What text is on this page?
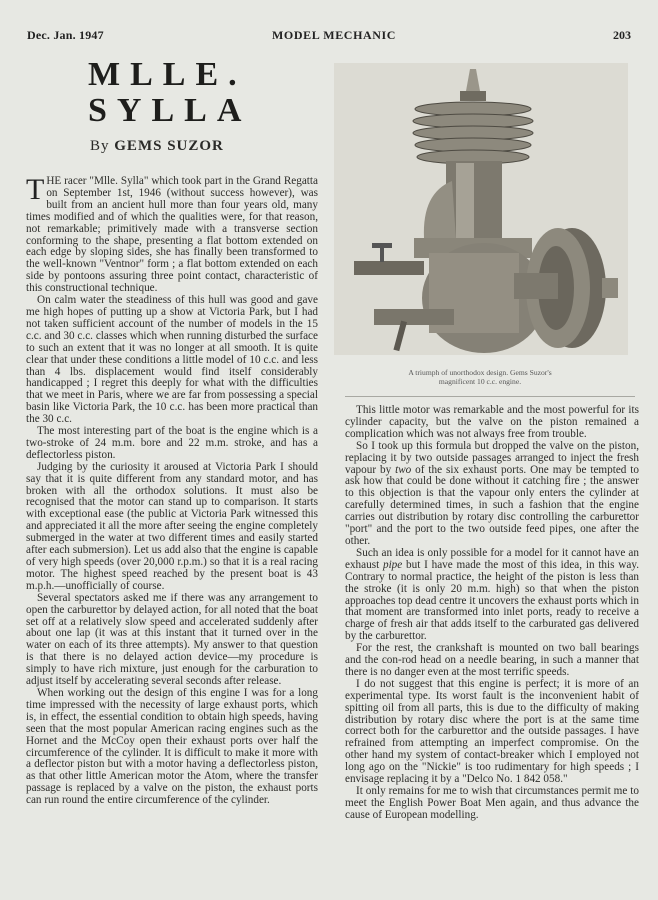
Dec. Jan. 1947	MODEL MECHANIC	203
MLLE.
SYLLA
By GEMS SUZOR

THE racer "Mlle. Sylla" which took part in the Grand Regatta on September 1st, 1946 (without success however), was built from an ancient hull more than four years old, many times modified and of which the qualities were, for that reason, not remarkable; primitively made with a transverse section conforming to the shape, presenting a flat bottom extended on each edge by sloping sides, she has finally been transformed to the well-known "Ventnor" form ; a flat bottom extended on each side by pontoons assuring three point contact, characteristic of this constructional technique.

On calm water the steadiness of this hull was good and gave me high hopes of putting up a show at Victoria Park, but I had not taken sufficient account of the number of models in the 15 c.c. and 30 c.c. classes which when running disturbed the surface to such an extent that it was no longer at all smooth. It is quite clear that under these conditions a little model of 10 c.c. and less than 4 lbs. displacement would find itself considerably handicapped ; I regret this deeply for what with the difficulties that we meet in Paris, where we are far from possessing a special basin like Victoria Park, the 10 c.c. has been more practical than the 30 c.c.

The most interesting part of the boat is the engine which is a two-stroke of 24 m.m. bore and 22 m.m. stroke, and has a deflectorless piston.

Judging by the curiosity it aroused at Victoria Park I should say that it is quite different from any standard motor, and has broken with all the orthodox solutions. It must also be recognised that the motor can stand up to comparison. It starts with exceptional ease (the public at Victoria Park witnessed this and appreciated it all the more after seeing the engine completely submerged in the water at two different times and easily started after each submersion). Let us add also that the engine is capable of very high speeds (over 20,000 r.p.m.) so that it is a real racing motor. The highest speed reached by the present boat is 43 m.p.h.—unofficially of course.

Several spectators asked me if there was any arrangement to open the carburettor by delayed action, for all noted that the boat set off at a relatively slow speed and accelerated suddenly after about one lap (it was at this instant that it turned over in the water on each of its three attempts). My answer to that question is that there is no delayed action device—my procedure is simply to have rich mixture, just enough for the carburation to adjust itself by accelerating several seconds after release.

When working out the design of this engine I was for a long time impressed with the necessity of large exhaust ports, which is, in effect, the essential condition to obtain high speeds, having seen that the most popular American racing engines such as the Hornet and the McCoy open their exhaust ports over half the circumference of the cylinder. It is difficult to make it more with a deflector piston but with a motor having a deflectorless piston, as that other little American motor the Atom, where the transfer passage is replaced by a valve on the piston, the exhaust ports can run round the entire circumference of the cylinder.

A triumph of unorthodox design. Gems Suzor's
magnificent 10 c.c. engine.

This little motor was remarkable and the most powerful for its cylinder capacity, but the valve on the piston remained a complication which was not always free from trouble.

So I took up this formula but dropped the valve on the piston, replacing it by two outside passages arranged to inject the fresh vapour by two of the six exhaust ports. One may be tempted to ask how that could be done without it catching fire ; the answer to this objection is that the vapour only enters the cylinder at carefully determined times, in such a fashion that the engine carries out distribution by rotary disc controlling the carburettor "port" and the port to the two outside feed pipes, one after the other.

Such an idea is only possible for a model for it cannot have an exhaust pipe but I have made the most of this idea, in this way. Contrary to normal practice, the height of the piston is less than the stroke (it is only 20 m.m. high) so that when the piston approaches top dead centre it uncovers the exhaust ports which in that moment are transformed into inlet ports, ready to receive a charge of fresh air that adds itself to the carburated gas delivered by the carburettor.

For the rest, the crankshaft is mounted on two ball bearings and the con-rod head on a needle bearing, in such a manner that there is no danger even at the most terrific speeds.

I do not suggest that this engine is perfect; it is more of an experimental type. Its worst fault is the inconvenient habit of spitting oil from all parts, this is due to the difficulty of making distribution by rotary disc where the port is at the same time correct both for the carburettor and the outside passages. I have refrained from attempting an imperfect compromise. On the other hand my system of contact-breaker which I employed not long ago on the "Nickie" is too rudimentary for high speeds ; I envisage replacing it by a "Delco No. 1 842 058."

It only remains for me to wish that circumstances permit me to meet the English Power Boat Men again, and thus advance the cause of European modelling.
